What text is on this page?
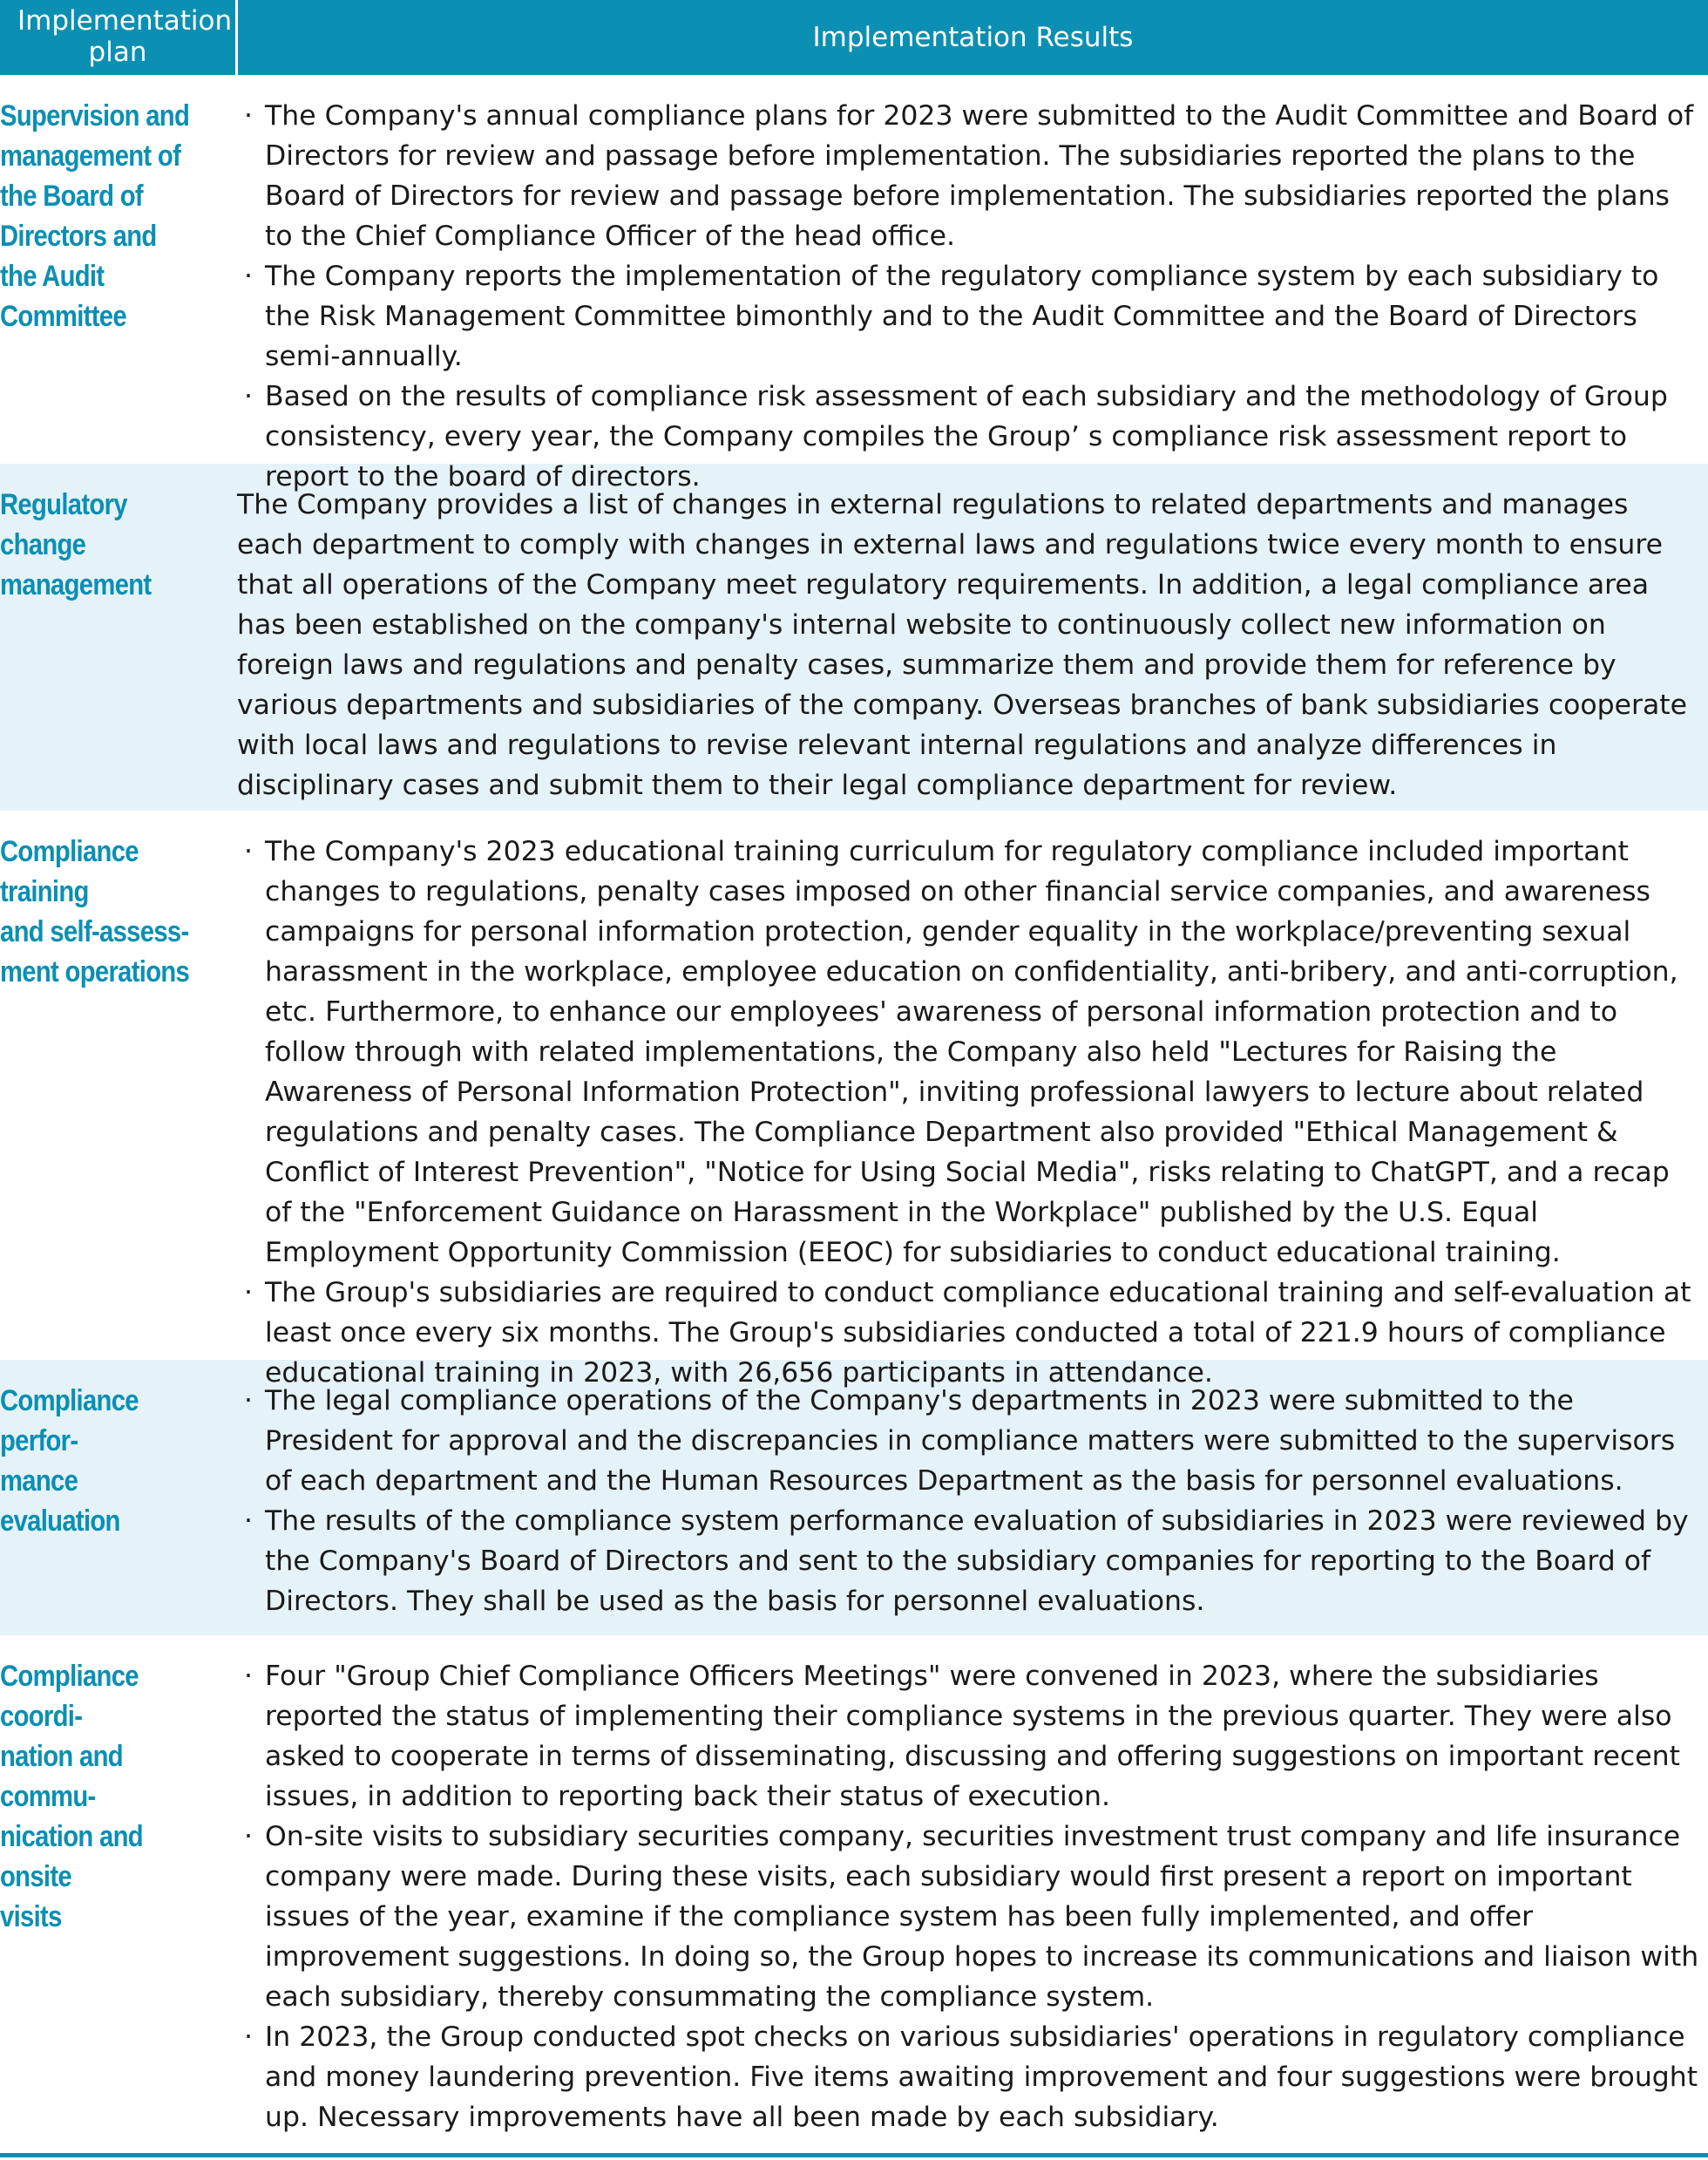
Implementation plan	Implementation Results
Supervision and
management of
the Board of
Directors and
the Audit
Committee
· The Company's annual compliance plans for 2023 were submitted to the Audit Committee and Board of Directors for review and passage before implementation. The subsidiaries reported the plans to the Board of Directors for review and passage before implementation. The subsidiaries reported the plans to the Chief Compliance Officer of the head office.
· The Company reports the implementation of the regulatory compliance system by each subsidiary to the Risk Management Committee bimonthly and to the Audit Committee and the Board of Directors semi-annually.
· Based on the results of compliance risk assessment of each subsidiary and the methodology of Group consistency, every year, the Company compiles the Group’ s compliance risk assessment report to report to the board of directors.
Regulatory change
management
The Company provides a list of changes in external regulations to related departments and manages each department to comply with changes in external laws and regulations twice every month to ensure that all operations of the Company meet regulatory requirements. In addition, a legal compliance area has been established on the company's internal website to continuously collect new information on foreign laws and regulations and penalty cases, summarize them and provide them for reference by various departments and subsidiaries of the company. Overseas branches of bank subsidiaries cooperate with local laws and regulations to revise relevant internal regulations and analyze differences in disciplinary cases and submit them to their legal compliance department for review.
Compliance training
and self-assess-
ment operations
· The Company's 2023 educational training curriculum for regulatory compliance included important changes to regulations, penalty cases imposed on other financial service companies, and awareness campaigns for personal information protection, gender equality in the workplace/preventing sexual harassment in the workplace, employee education on confidentiality, anti-bribery, and anti-corruption, etc. Furthermore, to enhance our employees' awareness of personal information protection and to follow through with related implementations, the Company also held "Lectures for Raising the Awareness of Personal Information Protection", inviting professional lawyers to lecture about related regulations and penalty cases. The Compliance Department also provided "Ethical Management & Conflict of Interest Prevention", "Notice for Using Social Media", risks relating to ChatGPT, and a recap of the "Enforcement Guidance on Harassment in the Workplace" published by the U.S. Equal Employment Opportunity Commission (EEOC) for subsidiaries to conduct educational training.
· The Group's subsidiaries are required to conduct compliance educational training and self-evaluation at least once every six months. The Group's subsidiaries conducted a total of 221.9 hours of compliance educational training in 2023, with 26,656 participants in attendance.
Compliance perfor-
mance evaluation
· The legal compliance operations of the Company's departments in 2023 were submitted to the President for approval and the discrepancies in compliance matters were submitted to the supervisors of each department and the Human Resources Department as the basis for personnel evaluations.
· The results of the compliance system performance evaluation of subsidiaries in 2023 were reviewed by the Company's Board of Directors and sent to the subsidiary companies for reporting to the Board of Directors. They shall be used as the basis for personnel evaluations.
Compliance coordi-
nation and commu-
nication and onsite
visits
· Four "Group Chief Compliance Officers Meetings" were convened in 2023, where the subsidiaries reported the status of implementing their compliance systems in the previous quarter. They were also asked to cooperate in terms of disseminating, discussing and offering suggestions on important recent issues, in addition to reporting back their status of execution.
· On-site visits to subsidiary securities company, securities investment trust company and life insurance company were made. During these visits, each subsidiary would first present a report on important issues of the year, examine if the compliance system has been fully implemented, and offer improvement suggestions. In doing so, the Group hopes to increase its communications and liaison with each subsidiary, thereby consummating the compliance system.
· In 2023, the Group conducted spot checks on various subsidiaries' operations in regulatory compliance and money laundering prevention. Five items awaiting improvement and four suggestions were brought up. Necessary improvements have all been made by each subsidiary.
